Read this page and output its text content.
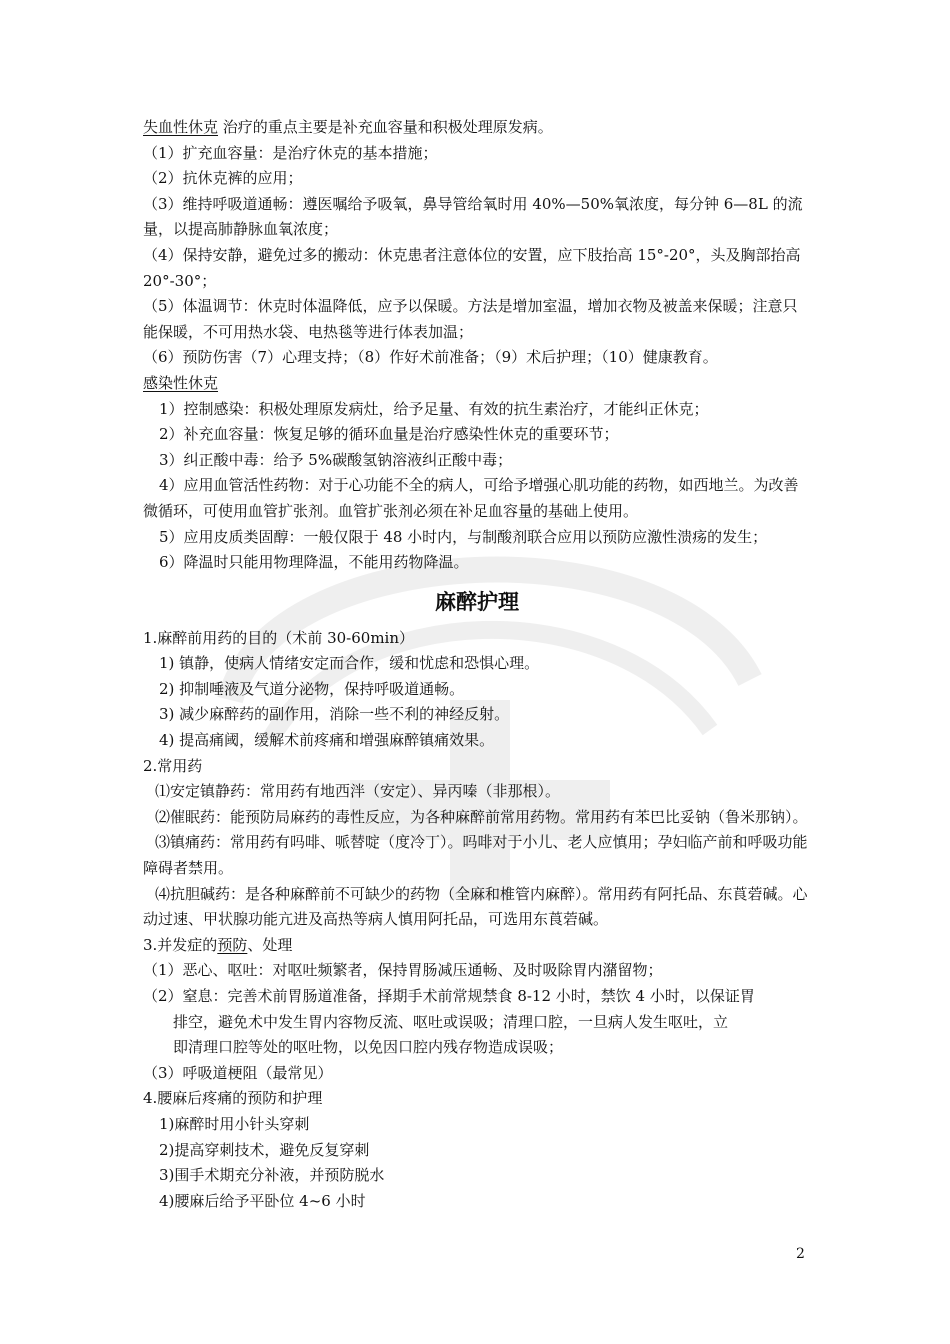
失血性休克 治疗的重点主要是补充血容量和积极处理原发病。
（1）扩充血容量：是治疗休克的基本措施；
（2）抗休克裤的应用；
（3）维持呼吸道通畅：遵医嘱给予吸氧，鼻导管给氧时用 40%—50%氧浓度，每分钟 6—8L 的流量，以提高肺静脉血氧浓度；
（4）保持安静，避免过多的搬动：休克患者注意体位的安置，应下肢抬高 15°-20°，头及胸部抬高 20°-30°；
（5）体温调节：休克时体温降低，应予以保暖。方法是增加室温，增加衣物及被盖来保暖；注意只能保暖，不可用热水袋、电热毯等进行体表加温；
（6）预防伤害（7）心理支持；（8）作好术前准备；（9）术后护理；（10）健康教育。
感染性休克
1）控制感染：积极处理原发病灶，给予足量、有效的抗生素治疗，才能纠正休克；
2）补充血容量：恢复足够的循环血量是治疗感染性休克的重要环节；
3）纠正酸中毒：给予 5%碳酸氢钠溶液纠正酸中毒；
4）应用血管活性药物：对于心功能不全的病人，可给予增强心肌功能的药物，如西地兰。为改善微循环，可使用血管扩张剂。血管扩张剂必须在补足血容量的基础上使用。
5）应用皮质类固醇：一般仅限于 48 小时内，与制酸剂联合应用以预防应激性溃疡的发生；
6）降温时只能用物理降温，不能用药物降温。
麻醉护理
1.麻醉前用药的目的（术前 30-60min）
1) 镇静，使病人情绪安定而合作，缓和忧虑和恐惧心理。
2) 抑制唾液及气道分泌物，保持呼吸道通畅。
3) 减少麻醉药的副作用，消除一些不利的神经反射。
4) 提高痛阈，缓解术前疼痛和增强麻醉镇痛效果。
2.常用药
⑴安定镇静药：常用药有地西泮（安定）、异丙嗪（非那根）。
⑵催眠药：能预防局麻药的毒性反应，为各种麻醉前常用药物。常用药有苯巴比妥钠（鲁米那钠）。
⑶镇痛药：常用药有吗啡、哌替啶（度冷丁）。吗啡对于小儿、老人应慎用；孕妇临产前和呼吸功能障碍者禁用。
⑷抗胆碱药：是各种麻醉前不可缺少的药物（全麻和椎管内麻醉）。常用药有阿托品、东莨菪碱。心动过速、甲状腺功能亢进及高热等病人慎用阿托品，可选用东莨菪碱。
3.并发症的预防、处理
（1）恶心、呕吐：对呕吐频繁者，保持胃肠减压通畅、及时吸除胃内潴留物；
（2）窒息：完善术前胃肠道准备，择期手术前常规禁食 8-12 小时，禁饮 4 小时，以保证胃
排空，避免术中发生胃内容物反流、呕吐或误吸；清理口腔，一旦病人发生呕吐，立
即清理口腔等处的呕吐物，以免因口腔内残存物造成误吸；
（3）呼吸道梗阻（最常见）
4.腰麻后疼痛的预防和护理
1)麻醉时用小针头穿刺
2)提高穿刺技术，避免反复穿刺
3)围手术期充分补液，并预防脱水
4)腰麻后给予平卧位 4~6 小时
2
